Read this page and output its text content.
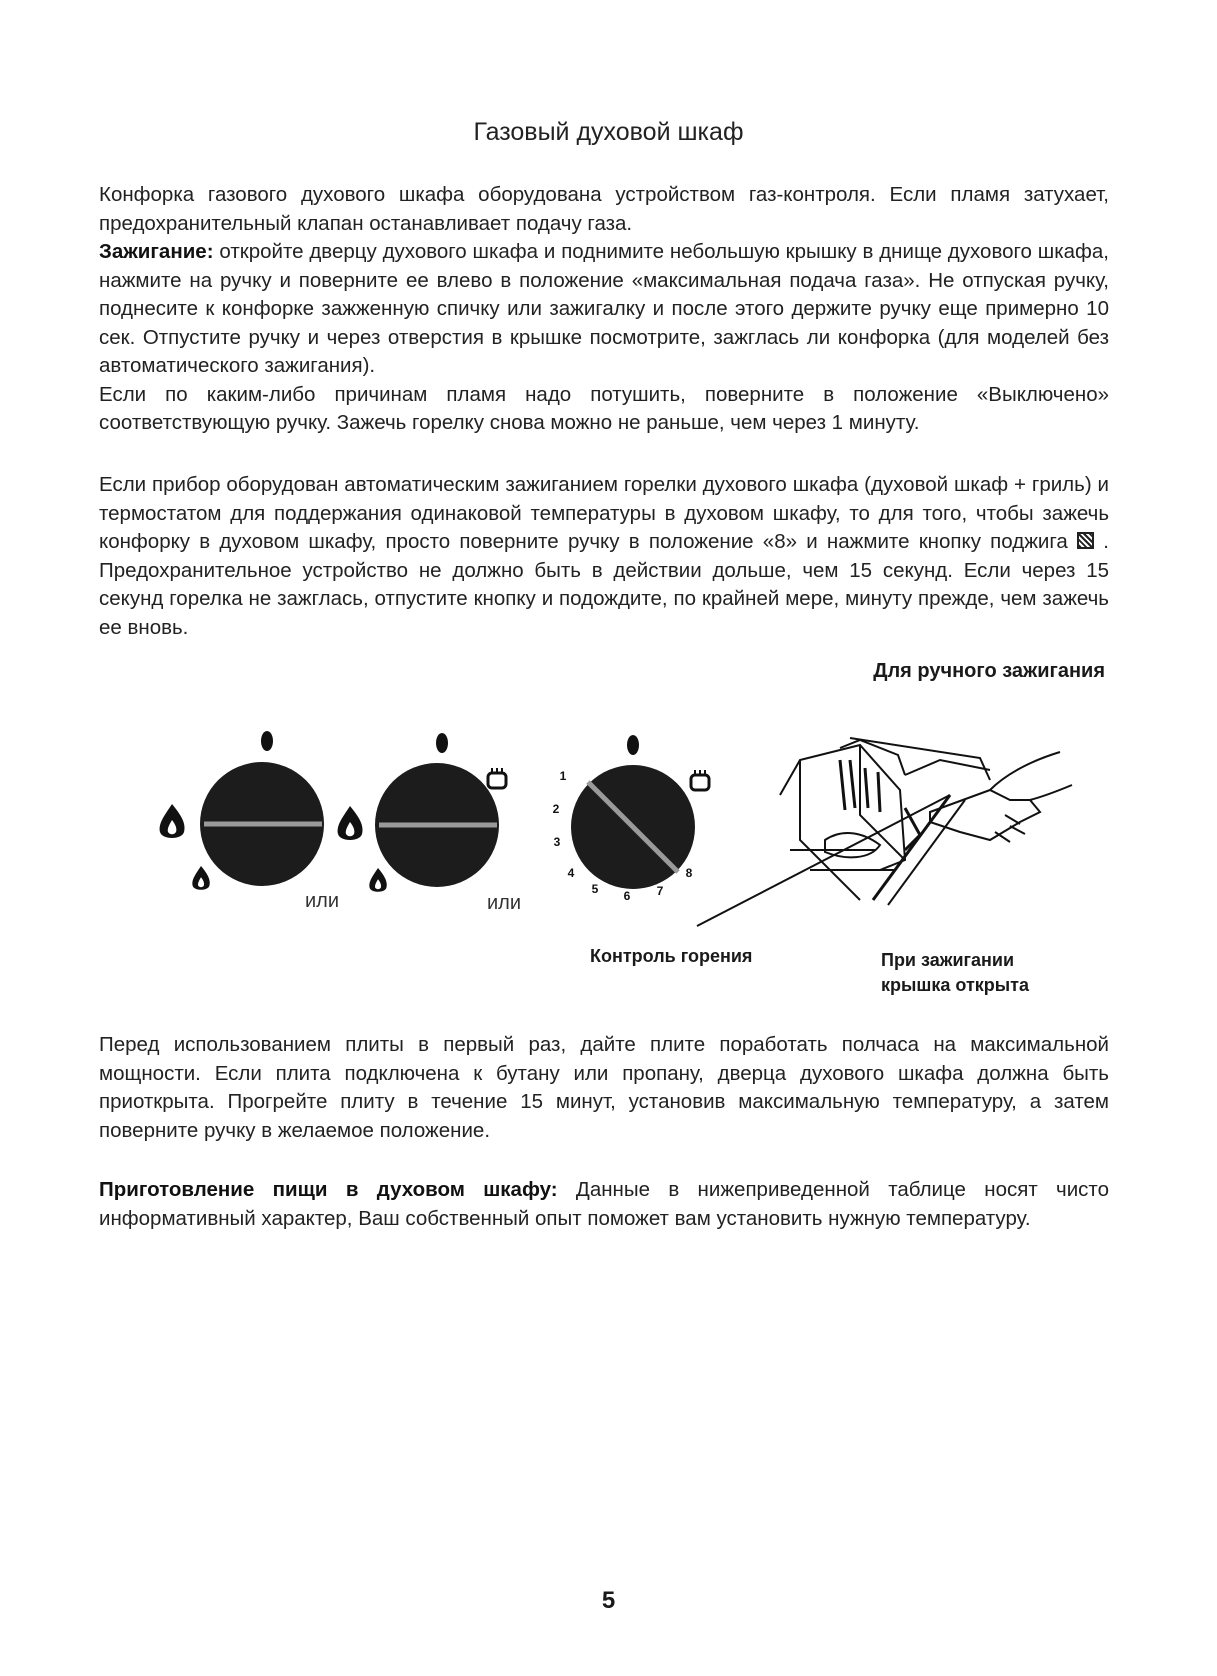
Газовый духовой шкаф

Конфорка газового духового шкафа оборудована устройством газ-контроля. Если пламя затухает, предохранительный клапан останавливает подачу газа.
Зажигание: откройте дверцу духового шкафа и поднимите небольшую крышку в днище духового шкафа, нажмите на ручку и поверните ее влево в положение «максимальная подача газа». Не отпуская ручку, поднесите к конфорке зажженную спичку или зажигалку и после этого держите ручку еще примерно 10 сек. Отпустите ручку и через отверстия в крышке посмотрите, зажглась ли конфорка (для моделей без автоматического зажигания).
Если по каким-либо причинам пламя надо потушить, поверните в положение «Выключено» соответствующую ручку. Зажечь горелку снова можно не раньше, чем через 1 минуту.

Если прибор оборудован автоматическим зажиганием горелки духового шкафа (духовой шкаф + гриль) и термостатом для поддержания одинаковой температуры в духовом шкафу, то для того, чтобы зажечь конфорку в духовом шкафу, просто поверните ручку в положение «8» и нажмите кнопку поджига  . Предохранительное устройство не должно быть в действии дольше, чем 15 секунд. Если через 15 секунд горелка не зажглась, отпустите кнопку и подождите, по крайней мере, минуту прежде, чем зажечь ее вновь.

Для ручного зажигания
1
2
3
4
5 6 7
8
или	или
Контроль горения	При зажигании
крышка открыта

Перед использованием плиты в первый раз, дайте плите поработать полчаса на максимальной мощности. Если плита подключена к бутану или пропану, дверца духового шкафа должна быть приоткрыта. Прогрейте плиту в течение 15 минут, установив максимальную температуру, а затем поверните ручку в желаемое положение.

Приготовление пищи в духовом шкафу: Данные в нижеприведенной таблице носят чисто информативный характер, Ваш собственный опыт поможет вам установить нужную температуру.

5
